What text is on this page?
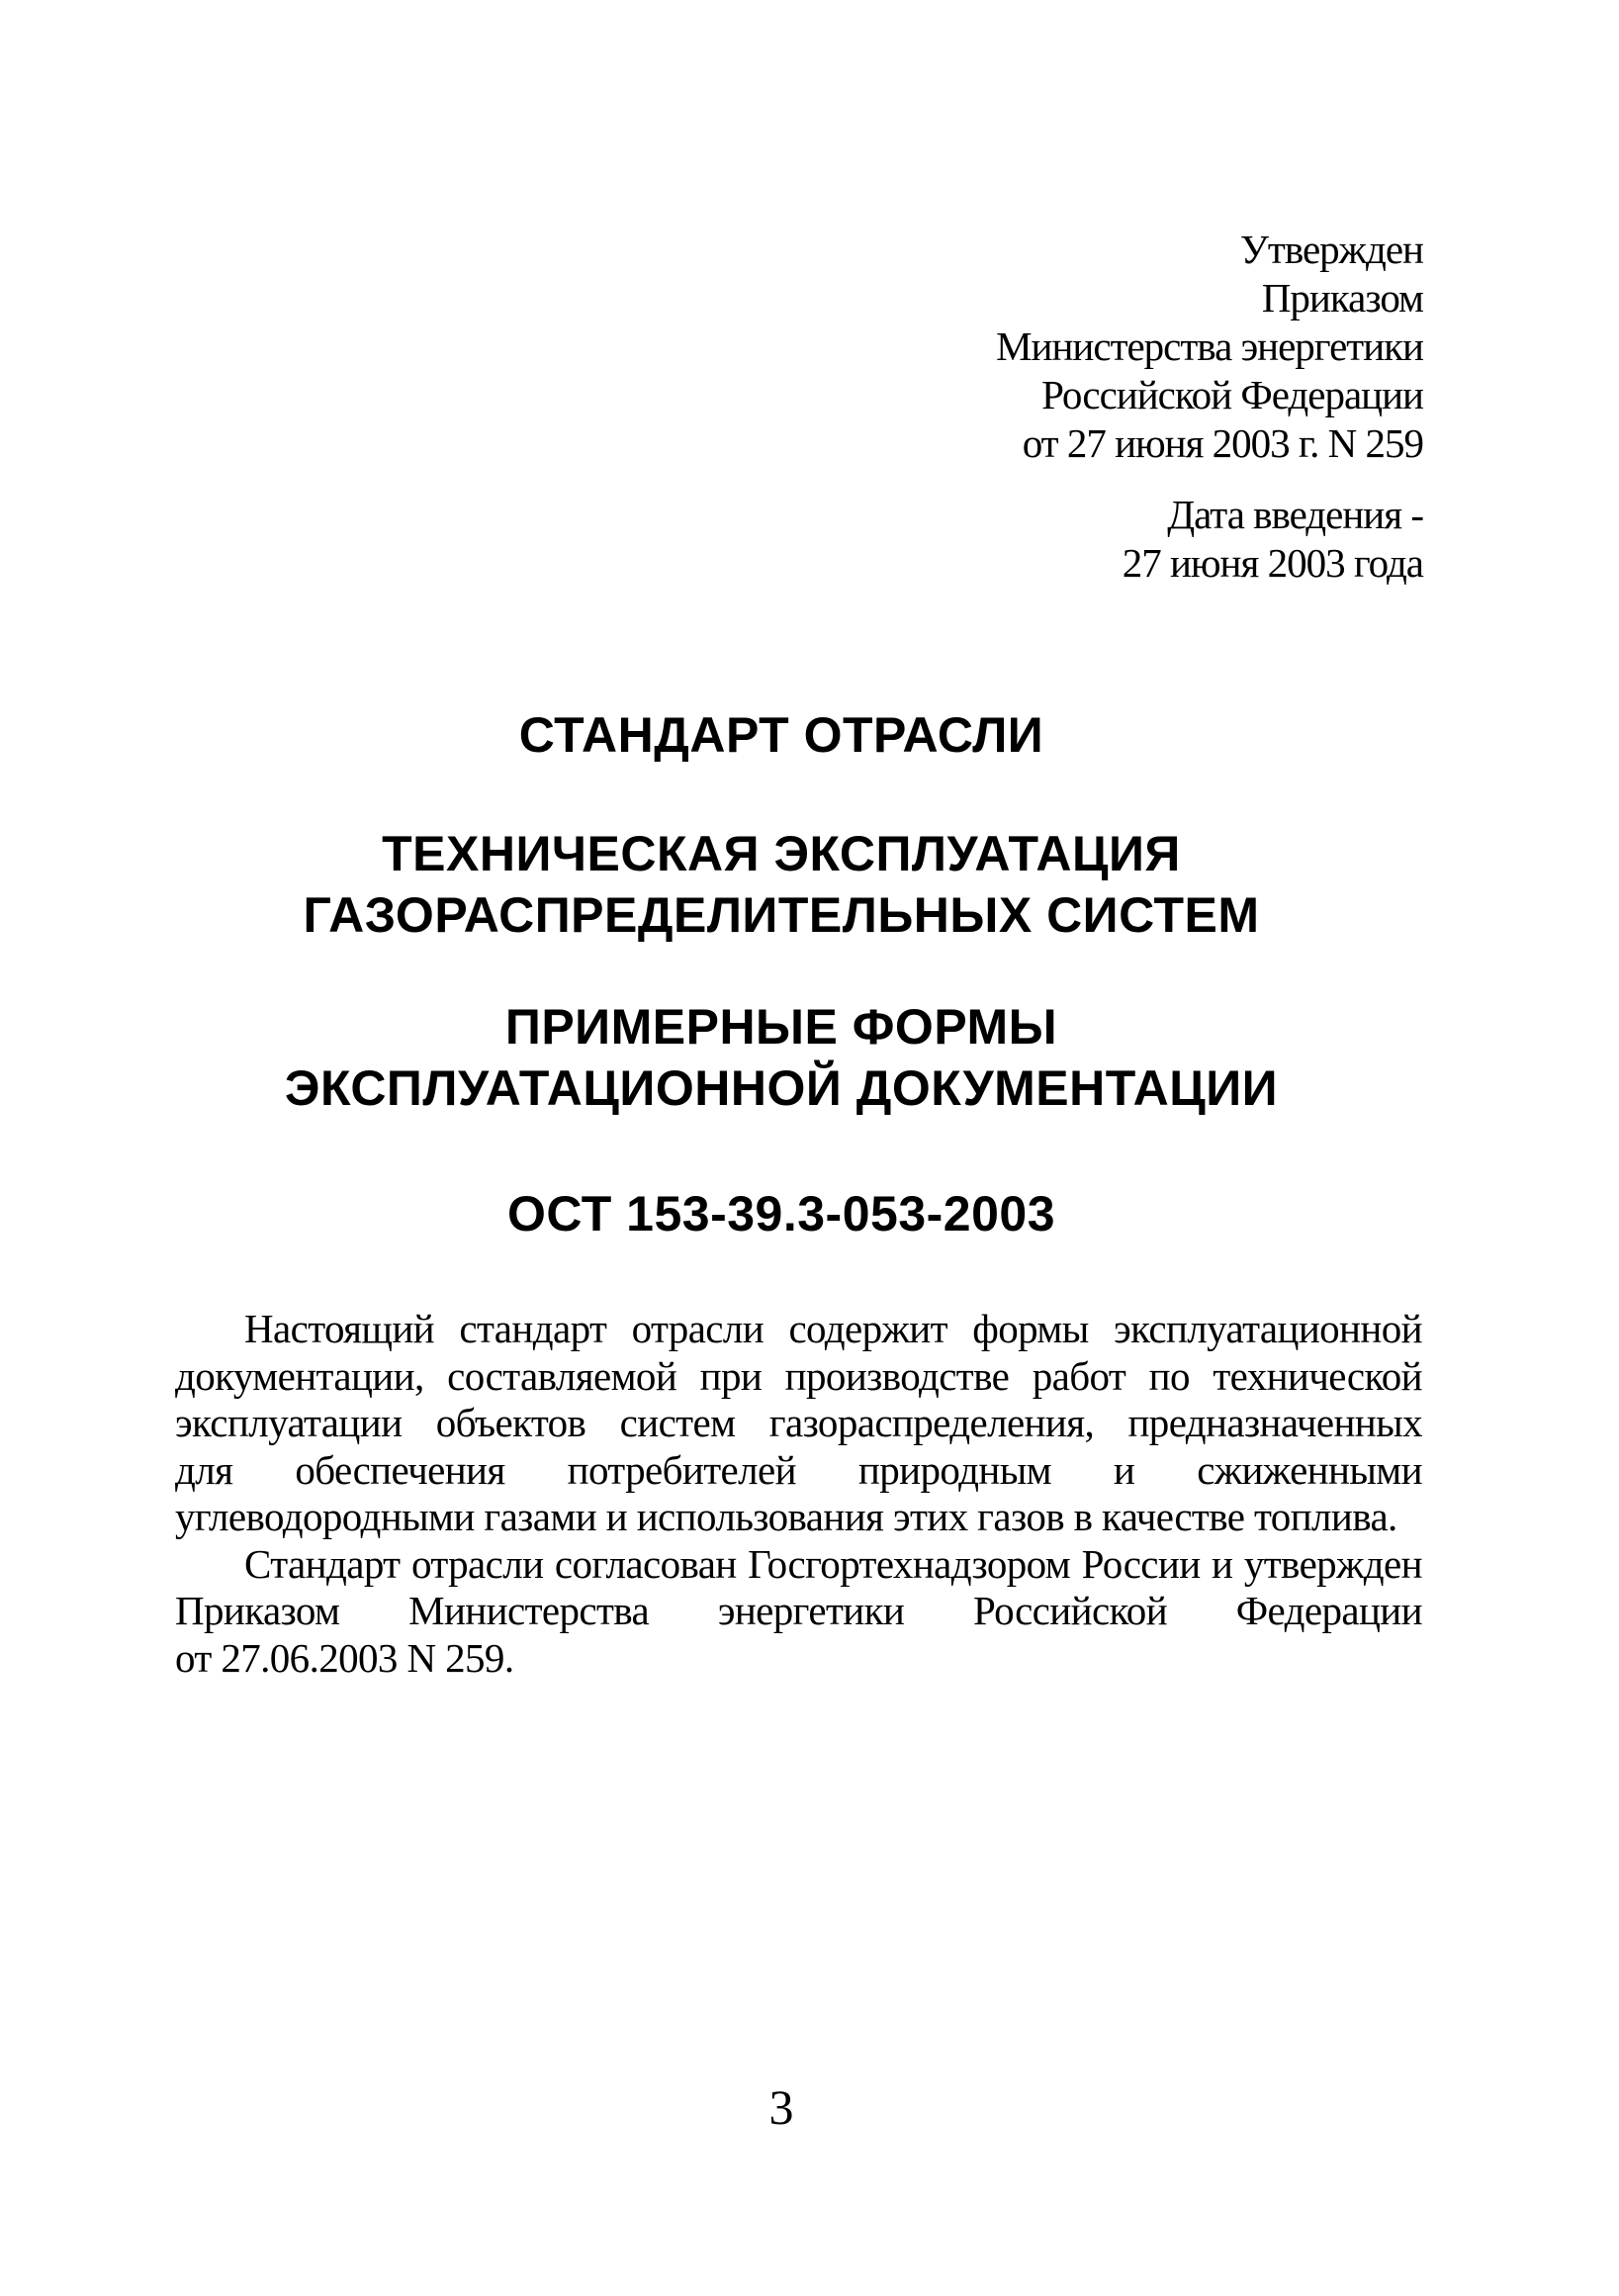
Утвержден
Приказом
Министерства энергетики
Российской Федерации
от 27 июня 2003 г. N 259
Дата введения -
27 июня 2003 года
СТАНДАРТ ОТРАСЛИ
ТЕХНИЧЕСКАЯ ЭКСПЛУАТАЦИЯ
ГАЗОРАСПРЕДЕЛИТЕЛЬНЫХ СИСТЕМ
ПРИМЕРНЫЕ ФОРМЫ
ЭКСПЛУАТАЦИОННОЙ ДОКУМЕНТАЦИИ
ОСТ 153-39.3-053-2003
Настоящий стандарт отрасли содержит формы эксплуатационной
документации, составляемой при производстве работ по технической
эксплуатации объектов систем газораспределения, предназначенных
для обеспечения потребителей природным и сжиженными
углеводородными газами и использования этих газов в качестве топлива.
Стандарт отрасли согласован Госгортехнадзором России и утвержден
Приказом Министерства энергетики Российской Федерации
от 27.06.2003 N 259.
3
